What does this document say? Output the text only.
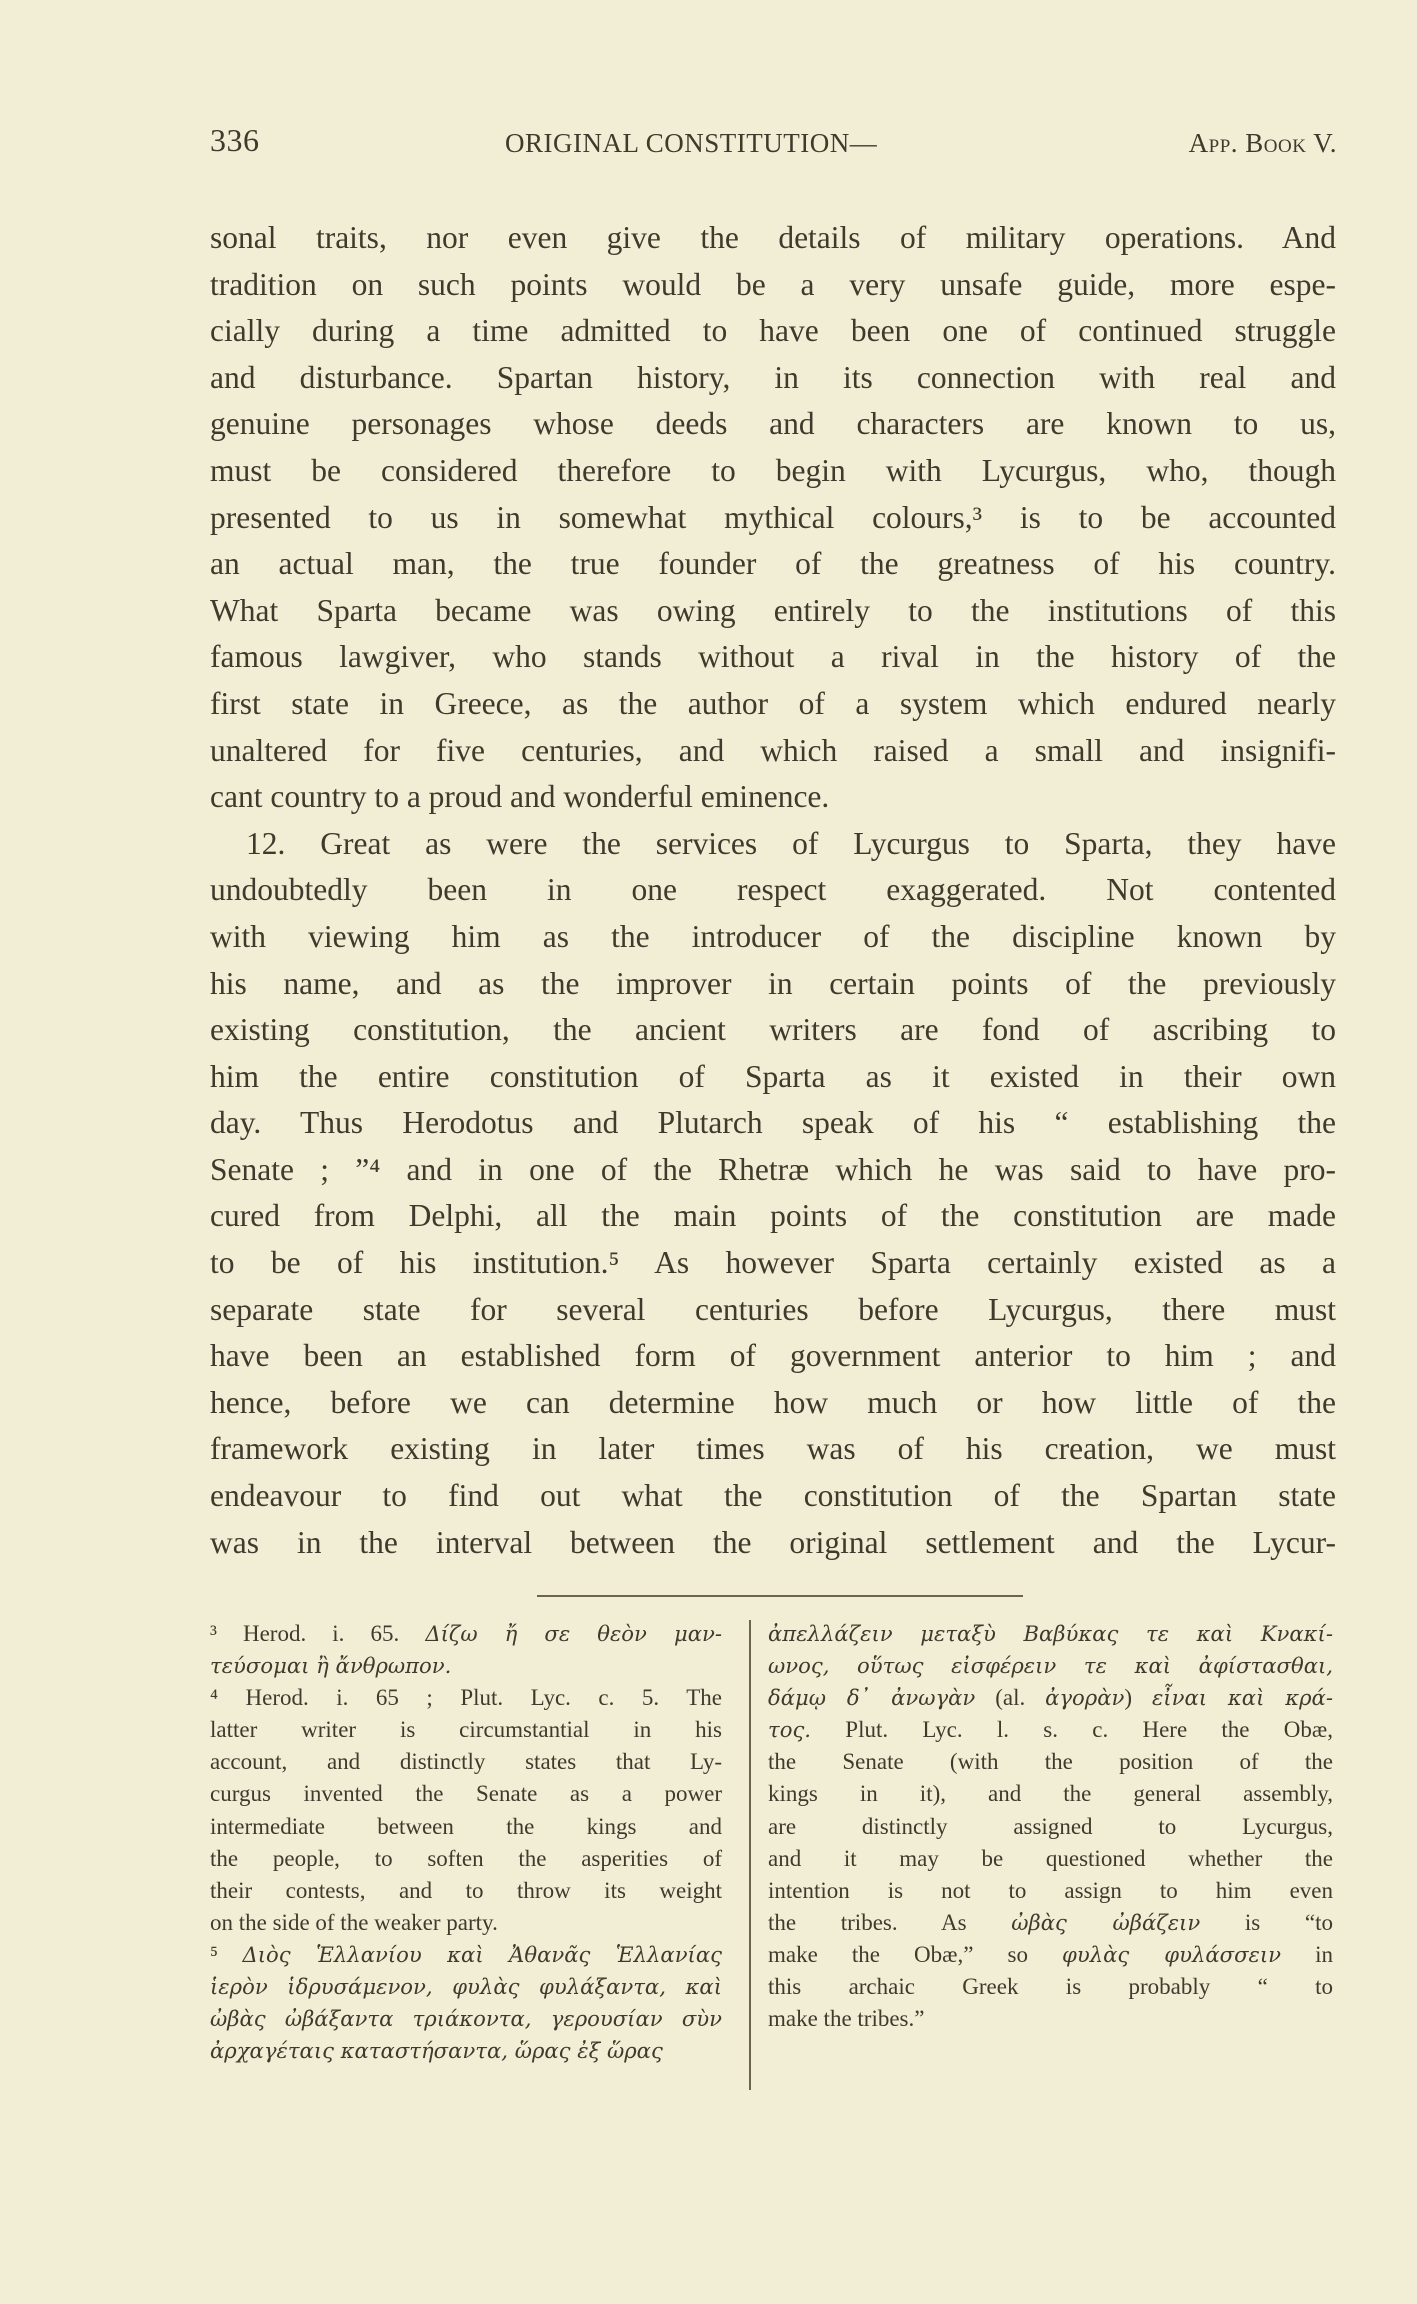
336	ORIGINAL CONSTITUTION—	App. Book V.
sonal traits, nor even give the details of military operations. And
tradition on such points would be a very unsafe guide, more espe-
cially during a time admitted to have been one of continued struggle
and disturbance. Spartan history, in its connection with real and
genuine personages whose deeds and characters are known to us,
must be considered therefore to begin with Lycurgus, who, though
presented to us in somewhat mythical colours,³ is to be accounted
an actual man, the true founder of the greatness of his country.
What Sparta became was owing entirely to the institutions of this
famous lawgiver, who stands without a rival in the history of the
first state in Greece, as the author of a system which endured nearly
unaltered for five centuries, and which raised a small and insignifi-
cant country to a proud and wonderful eminence.
12. Great as were the services of Lycurgus to Sparta, they have
undoubtedly been in one respect exaggerated. Not contented
with viewing him as the introducer of the discipline known by
his name, and as the improver in certain points of the previously
existing constitution, the ancient writers are fond of ascribing to
him the entire constitution of Sparta as it existed in their own
day. Thus Herodotus and Plutarch speak of his “ establishing the
Senate ; ”⁴ and in one of the Rhetræ which he was said to have pro-
cured from Delphi, all the main points of the constitution are made
to be of his institution.⁵ As however Sparta certainly existed as a
separate state for several centuries before Lycurgus, there must
have been an established form of government anterior to him ; and
hence, before we can determine how much or how little of the
framework existing in later times was of his creation, we must
endeavour to find out what the constitution of the Spartan state
was in the interval between the original settlement and the Lycur-
³ Herod. i. 65. Δίζω ἤ σε θεὸν μαν-
τεύσομαι ἢ ἄνθρωπον.
⁴ Herod. i. 65 ; Plut. Lyc. c. 5. The
latter writer is circumstantial in his
account, and distinctly states that Ly-
curgus invented the Senate as a power
intermediate between the kings and
the people, to soften the asperities of
their contests, and to throw its weight
on the side of the weaker party.
⁵ Διὸς Ἑλλανίου καὶ Ἀθανᾶς Ἑλλανίας
ἱερὸν ἱδρυσάμενον, φυλὰς φυλάξαντα, καὶ
ὠβὰς ὠβάξαντα τριάκοντα, γερουσίαν σὺν
ἀρχαγέταις καταστήσαντα, ὥρας ἐξ ὥρας
ἀπελλάζειν μεταξὺ Βαβύκας τε καὶ Κνακί-
ωνος, οὕτως εἰσφέρειν τε καὶ ἀφίστασθαι,
δάμῳ δ᾽ ἀνωγὰν (al. ἀγορὰν) εἶναι καὶ κρά-
τος. Plut. Lyc. l. s. c. Here the Obæ,
the Senate (with the position of the
kings in it), and the general assembly,
are distinctly assigned to Lycurgus,
and it may be questioned whether the
intention is not to assign to him even
the tribes. As ὠβὰς ὠβάζειν is “to
make the Obæ,” so φυλὰς φυλάσσειν in
this archaic Greek is probably “ to
make the tribes.”
